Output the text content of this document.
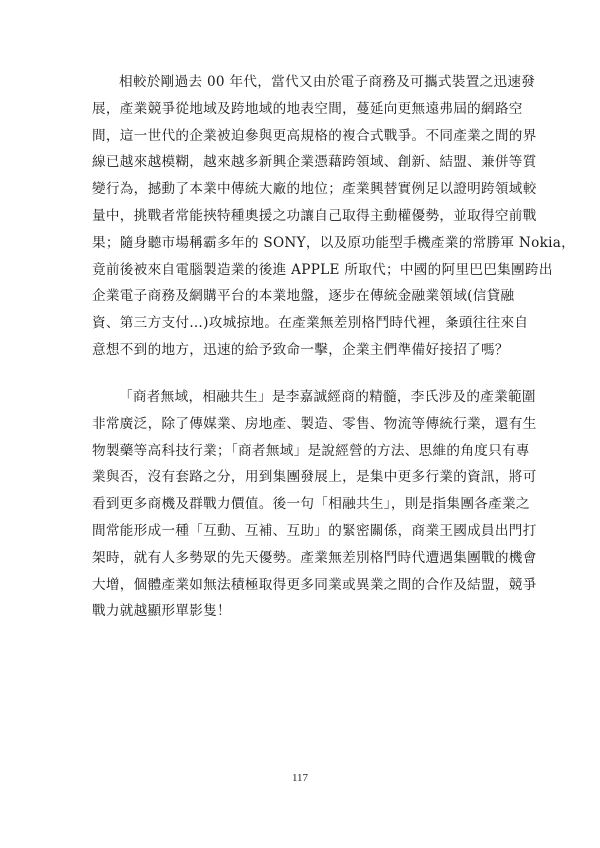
相較於剛過去 00 年代，當代又由於電子商務及可攜式裝置之迅速發
展，產業競爭從地域及跨地域的地表空間，蔓延向更無遠弗屆的網路空
間，這一世代的企業被迫參與更高規格的複合式戰爭。不同產業之間的界
線已越來越模糊，越來越多新興企業憑藉跨領域、創新、結盟、兼併等質
變行為，撼動了本業中傳統大廠的地位；產業興替實例足以證明跨領域較
量中，挑戰者常能挾特種奧援之功讓自己取得主動權優勢，並取得空前戰
果；隨身聽市場稱霸多年的 SONY，以及原功能型手機產業的常勝軍 Nokia，
竟前後被來自電腦製造業的後進 APPLE 所取代；中國的阿里巴巴集團跨出
企業電子商務及網購平台的本業地盤，逐步在傳統金融業領域(信貸融
資、第三方支付…)攻城掠地。在產業無差別格鬥時代裡，夈頭往往來自
意想不到的地方，迅速的給予致命一擊，企業主們準備好接招了嗎？
「商者無域，相融共生」是李嘉誠經商的精髓，李氏涉及的產業範圍
非常廣泛，除了傳媒業、房地產、製造、零售、物流等傳統行業，還有生
物製藥等高科技行業；「商者無域」是說經營的方法、思維的角度只有專
業與否，沒有套路之分，用到集團發展上，是集中更多行業的資訊，將可
看到更多商機及群戰力價值。後一句「相融共生」，則是指集團各產業之
間常能形成一種「互動、互補、互助」的緊密關係，商業王國成員出門打
架時，就有人多勢眾的先天優勢。產業無差別格鬥時代遭遇集團戰的機會
大增，個體產業如無法積極取得更多同業或異業之間的合作及結盟，競爭
戰力就越顯形單影隻！
117
